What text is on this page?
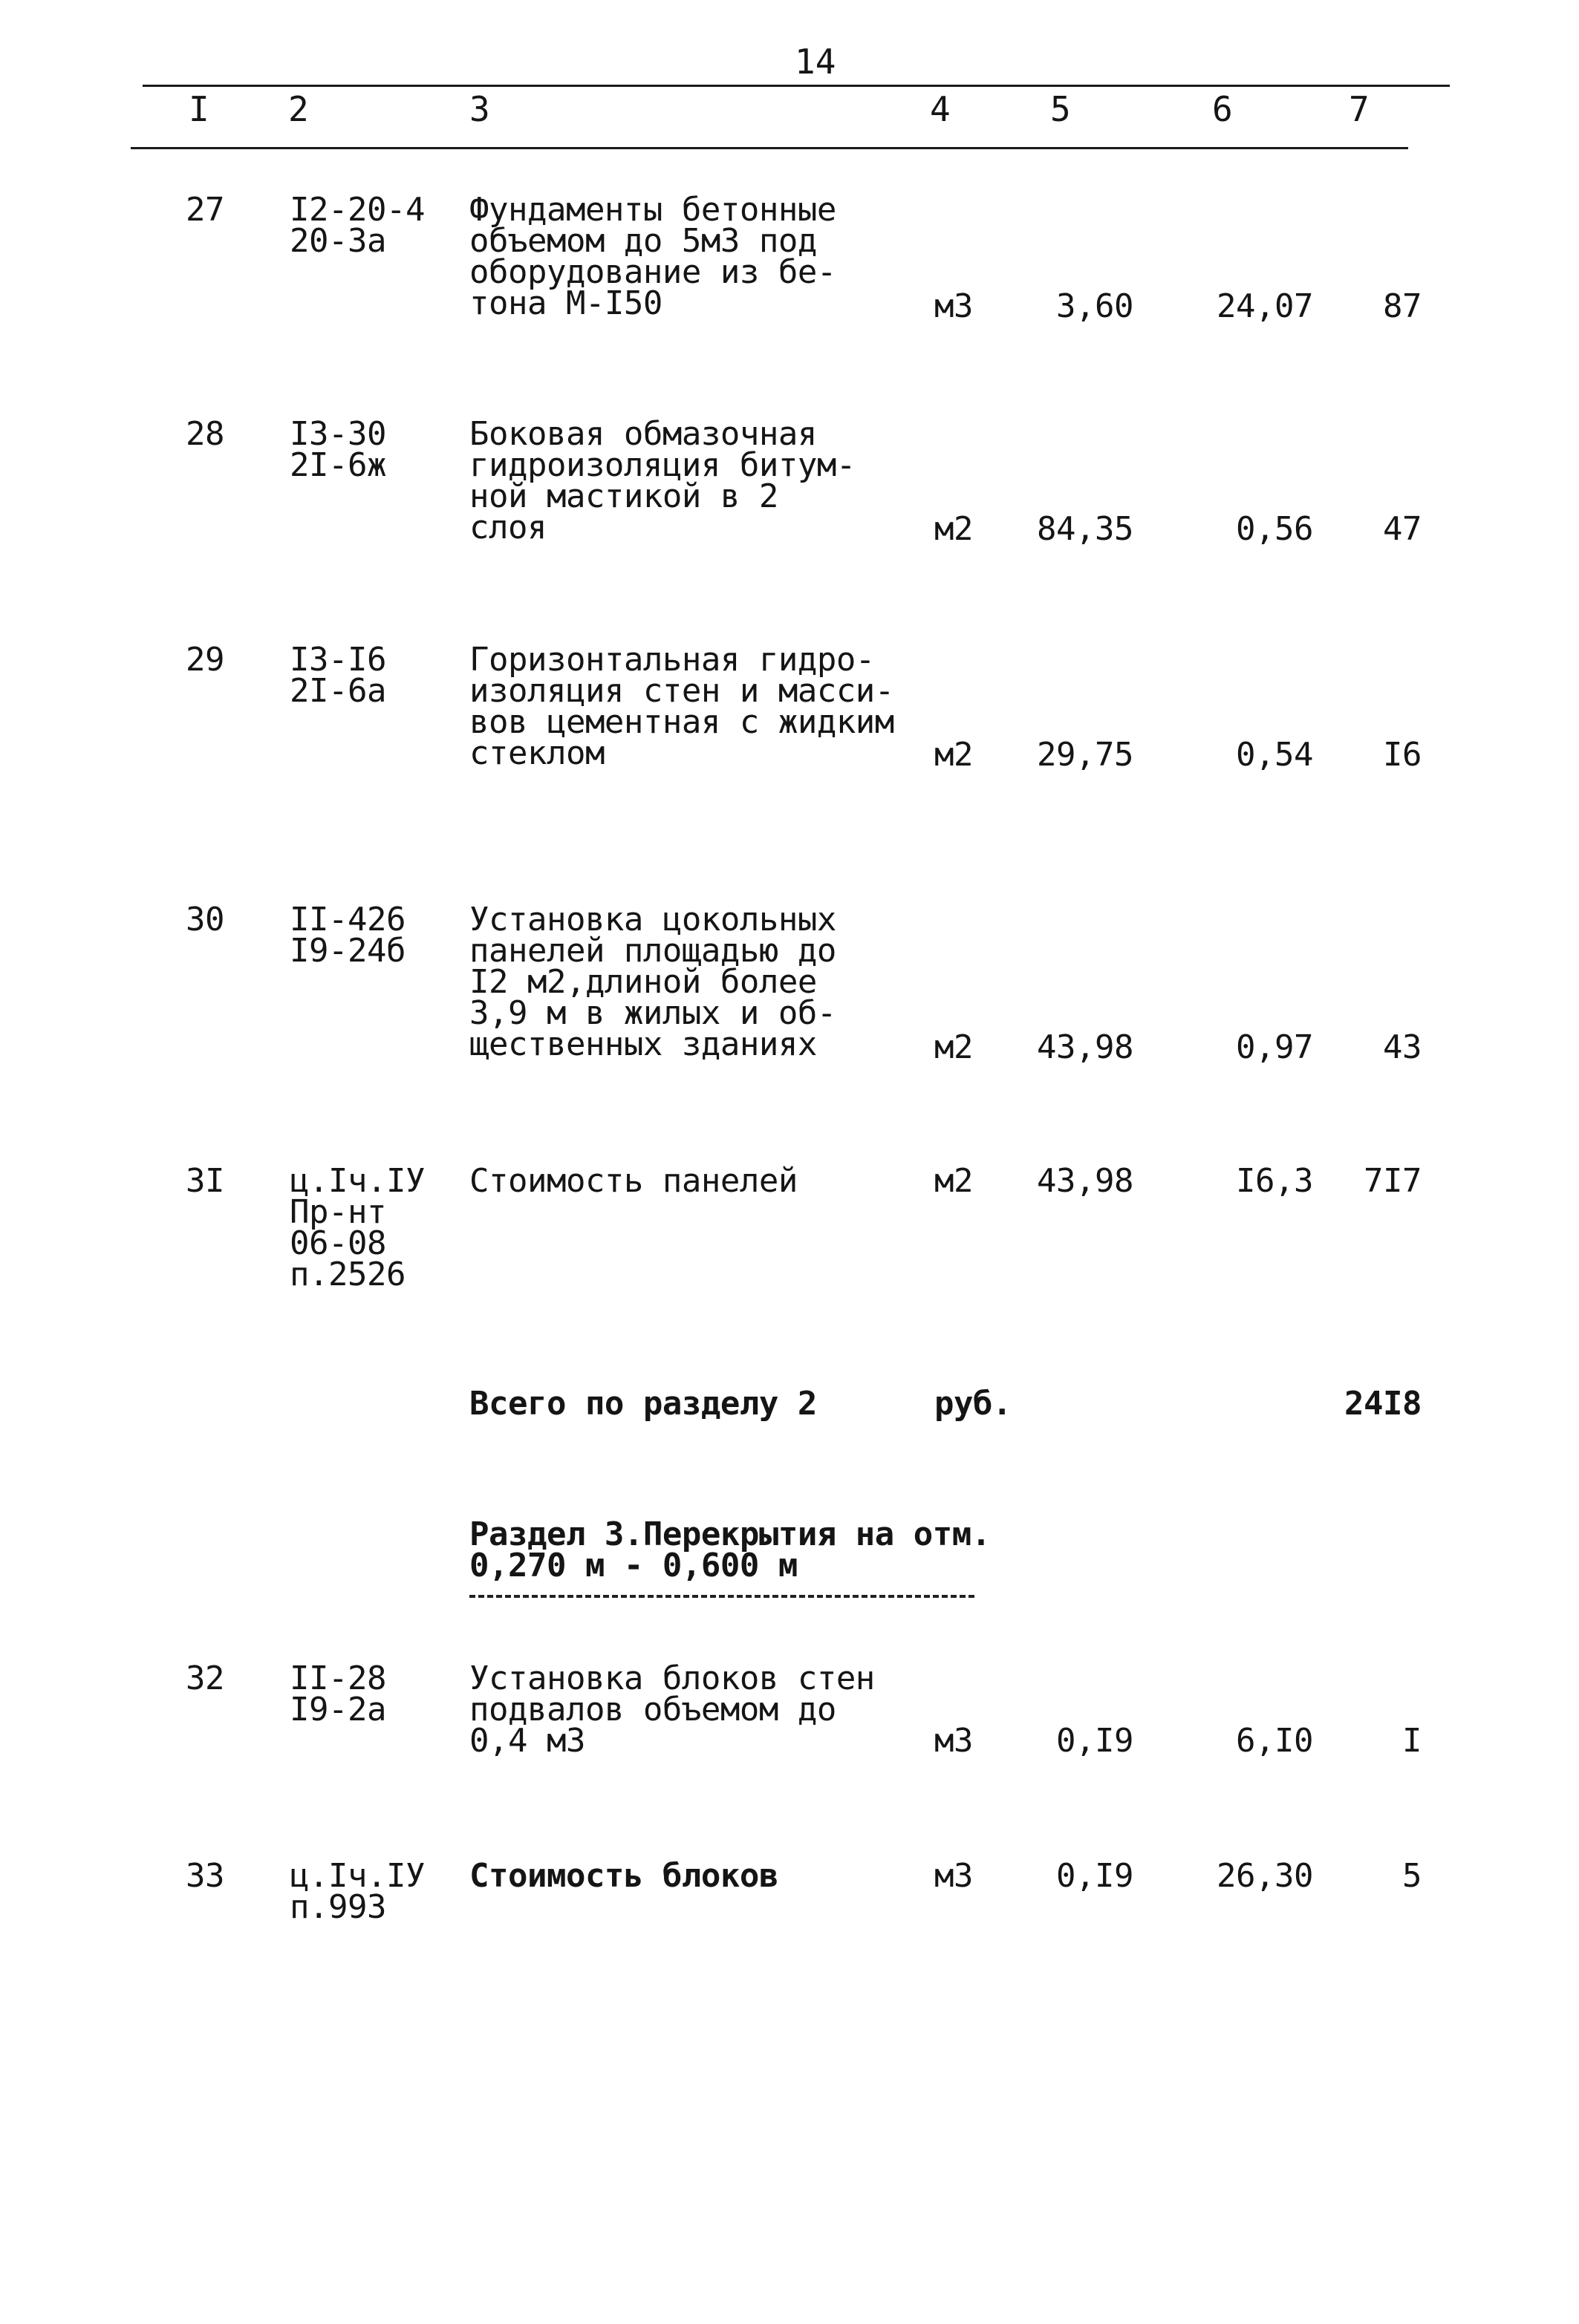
14
I 2	3	4	5	6	7
27 I2-20-4
20-3а
Фундаменты бетонные
объемом до 5м3 под
оборудование из бе-
тона М-I50	м3	3,60	24,07 87
28 I3-30
2I-6ж
Боковая обмазочная
гидроизоляция битум-
ной мастикой в 2
слоя	м2 84,35	0,56 47
29 I3-I6
2I-6а
Горизонтальная гидро-
изоляция стен и масси-
вов цементная с жидким
стеклом	м2 29,75	0,54 I6
30 II-426
I9-24б
Установка цокольных
панелей площадью до
I2 м2,длиной более
3,9 м в жилых и об-
щественных зданиях	м2 43,98	0,97 43
3I ц.Iч.IУ
Пр-нт
06-08
п.2526
Стоимость панелей	м2 43,98	I6,3 7I7
Всего по разделу 2	руб.	24I8
Раздел 3.Перекрытия на отм.
0,270 м - 0,600 м
32 II-28
I9-2а
Установка блоков стен
подвалов объемом до
0,4 м3	м3	0,I9	6,I0	I
33 ц.Iч.IУ
п.993
Стоимость блоков	м3	0,I9	26,30	5
